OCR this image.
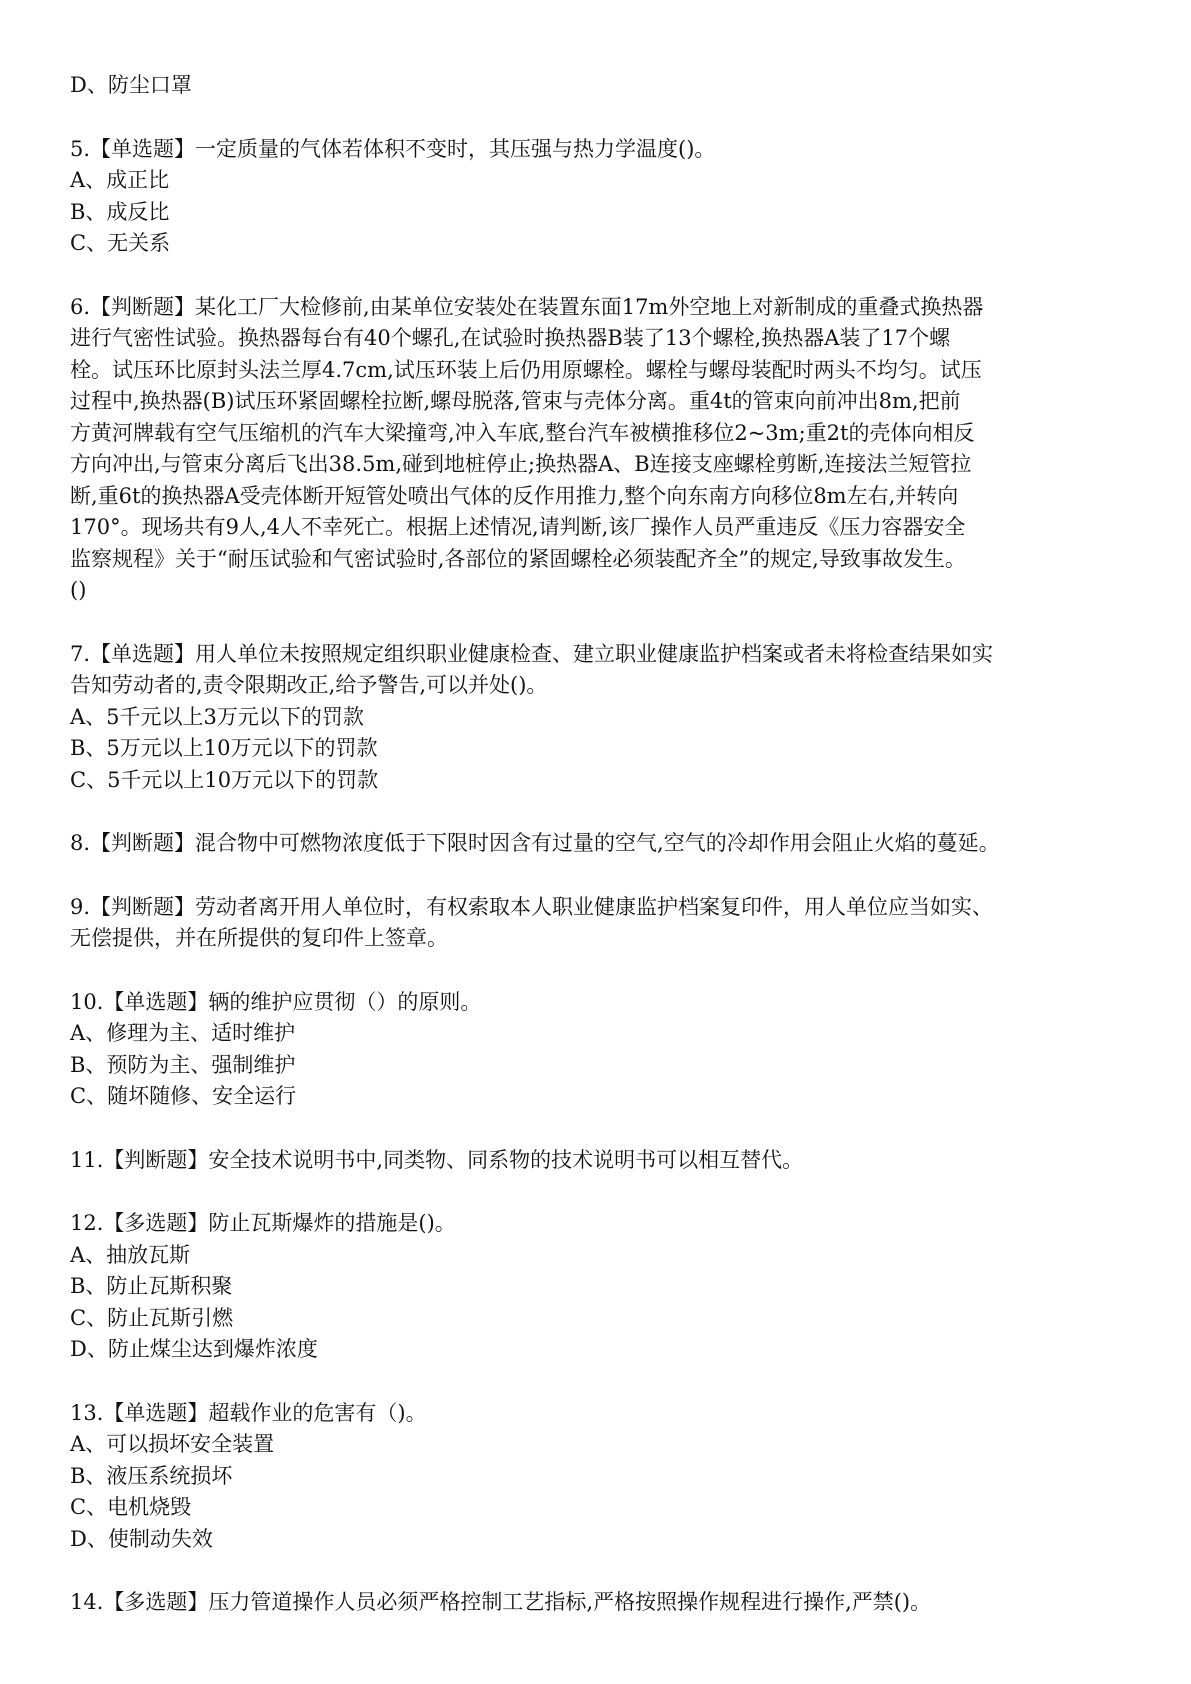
D、防尘口罩
5.【单选题】一定质量的气体若体积不变时，其压强与热力学温度()。
A、成正比
B、成反比
C、无关系
6.【判断题】某化工厂大检修前,由某单位安装处在装置东面17m外空地上对新制成的重叠式换热器
进行气密性试验。换热器每台有40个螺孔,在试验时换热器B装了13个螺栓,换热器A装了17个螺
栓。试压环比原封头法兰厚4.7cm,试压环装上后仍用原螺栓。螺栓与螺母装配时两头不均匀。试压
过程中,换热器(B)试压环紧固螺栓拉断,螺母脱落,管束与壳体分离。重4t的管束向前冲出8m,把前
方黄河牌载有空气压缩机的汽车大梁撞弯,冲入车底,整台汽车被横推移位2~3m;重2t的壳体向相反
方向冲出,与管束分离后飞出38.5m,碰到地桩停止;换热器A、B连接支座螺栓剪断,连接法兰短管拉
断,重6t的换热器A受壳体断开短管处喷出气体的反作用推力,整个向东南方向移位8m左右,并转向
170°。现场共有9人,4人不幸死亡。根据上述情况,请判断,该厂操作人员严重违反《压力容器安全
监察规程》关于“耐压试验和气密试验时,各部位的紧固螺栓必须装配齐全”的规定,导致事故发生。
()
7.【单选题】用人单位未按照规定组织职业健康检查、建立职业健康监护档案或者未将检查结果如实
告知劳动者的,责令限期改正,给予警告,可以并处()。
A、5千元以上3万元以下的罚款
B、5万元以上10万元以下的罚款
C、5千元以上10万元以下的罚款
8.【判断题】混合物中可燃物浓度低于下限时因含有过量的空气,空气的冷却作用会阻止火焰的蔓延。
9.【判断题】劳动者离开用人单位时，有权索取本人职业健康监护档案复印件，用人单位应当如实、
无偿提供，并在所提供的复印件上签章。
10.【单选题】辆的维护应贯彻（）的原则。
A、修理为主、适时维护
B、预防为主、强制维护
C、随坏随修、安全运行
11.【判断题】安全技术说明书中,同类物、同系物的技术说明书可以相互替代。
12.【多选题】防止瓦斯爆炸的措施是()。
A、抽放瓦斯
B、防止瓦斯积聚
C、防止瓦斯引燃
D、防止煤尘达到爆炸浓度
13.【单选题】超载作业的危害有（)。
A、可以损坏安全装置
B、液压系统损坏
C、电机烧毁
D、使制动失效
14.【多选题】压力管道操作人员必须严格控制工艺指标,严格按照操作规程进行操作,严禁()。
